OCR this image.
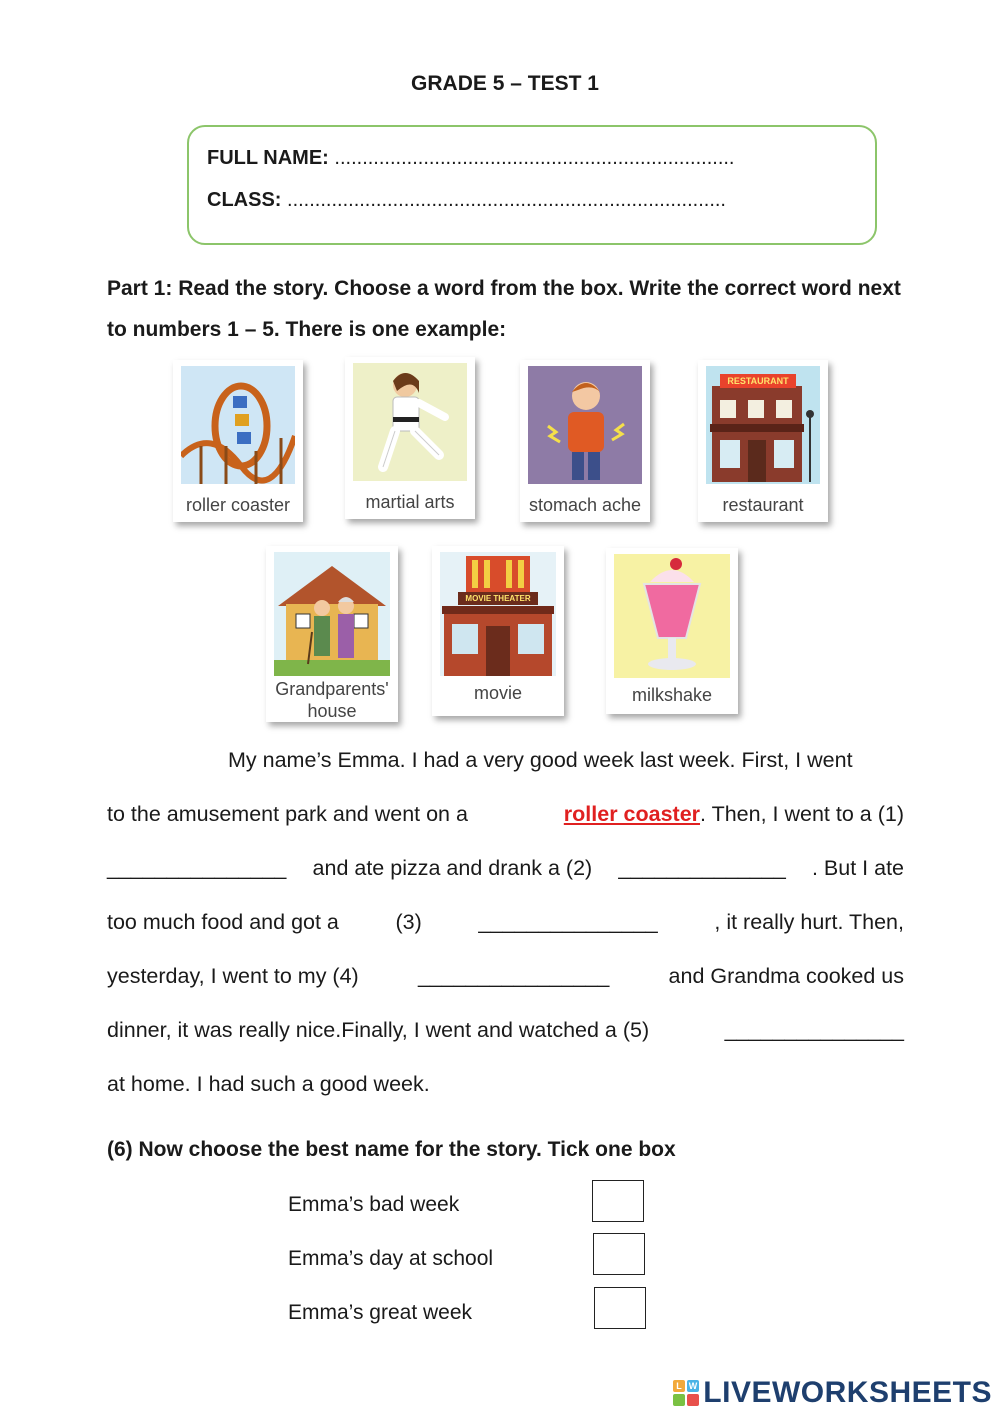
GRADE 5 – TEST 1
FULL NAME: ........................................................................
CLASS: ...............................................................................
Part 1: Read the story. Choose a word from the box. Write the correct word next to numbers 1 – 5. There is one example:
roller coaster	martial arts	stomach ache
RESTAURANT
restaurant
Grandparents' house
MOVIE THEATER
movie	milkshake
My name’s Emma. I had a very good week last week. First, I went
to the amusement park and went on a	roller coaster. Then, I went to a (1)
_______________ and ate pizza and drank a (2) ______________ . But I ate
too much food and got a	(3)	_______________	, it really hurt. Then,
yesterday, I went to my (4)	________________	and Grandma cooked us
dinner, it was really nice.Finally, I went and watched a (5)	_______________
at home. I had such a good week.
(6) Now choose the best name for the story. Tick one box
Emma’s bad week
Emma’s day at school
Emma’s great week
L W LIVEWORKSHEETS
